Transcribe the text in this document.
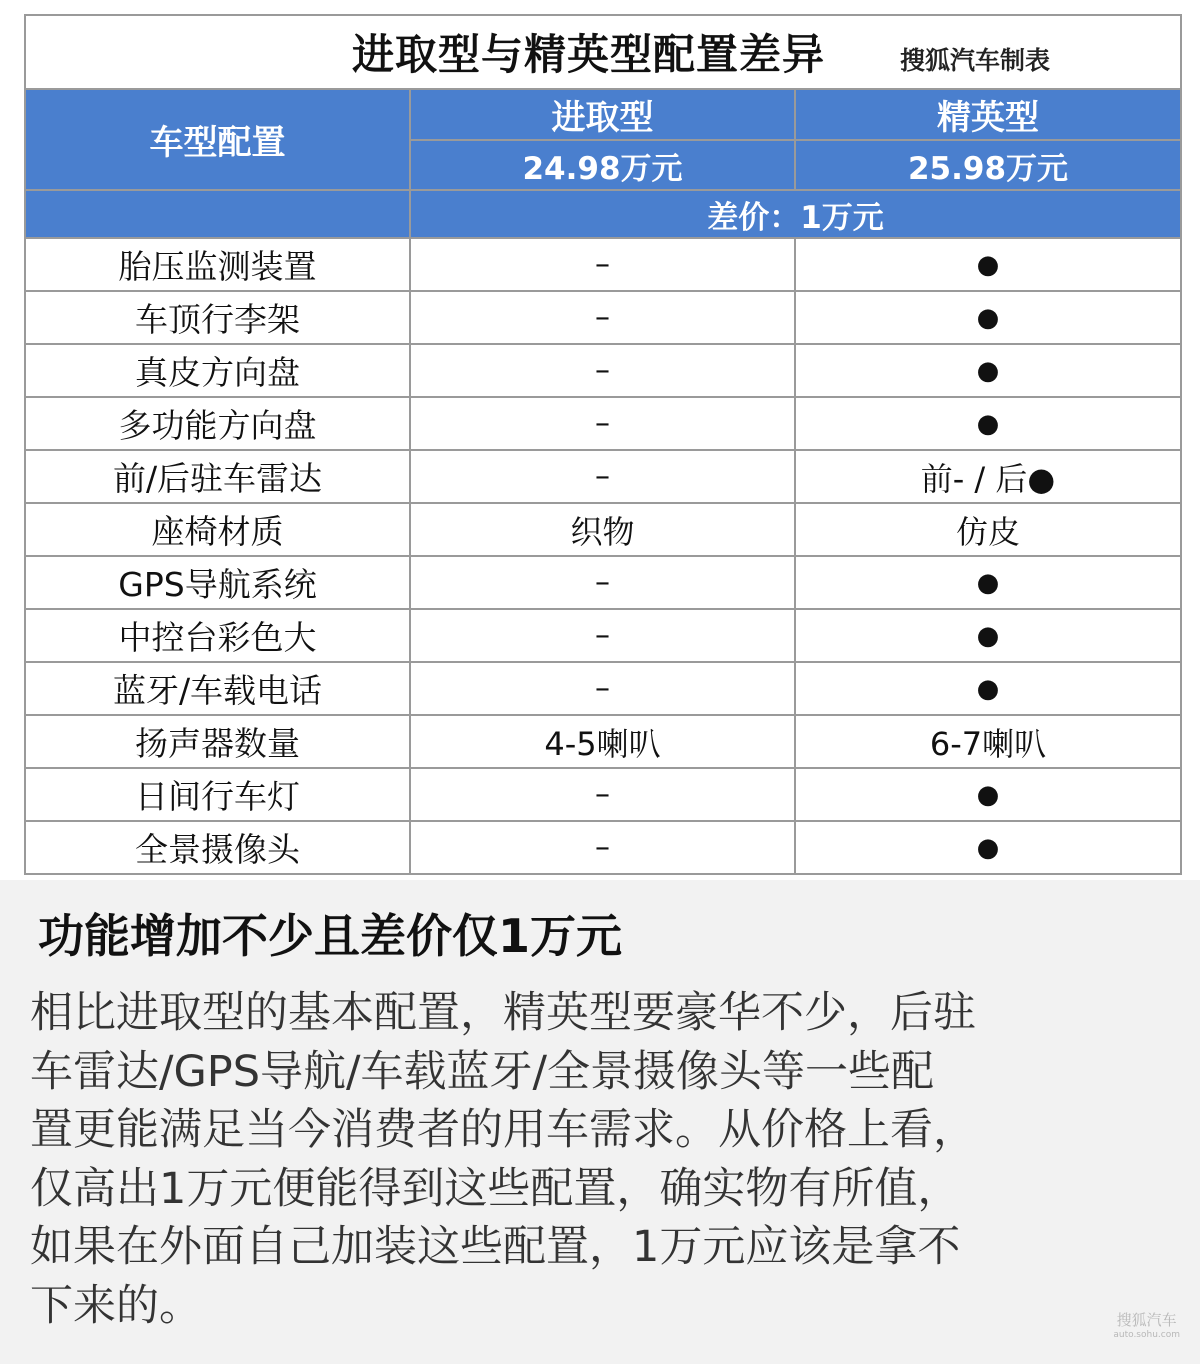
进取型与精英型配置差异 搜狐汽车制表		
车型配置	进取型	精英型
	24.98万元	25.98万元
	差价：1万元	
胎压监测装置	–	●
车顶行李架	–	●
真皮方向盘	–	●
多功能方向盘	–	●
前/后驻车雷达	–	前- / 后●
座椅材质	织物	仿皮
GPS导航系统	–	●
中控台彩色大	–	●
蓝牙/车载电话	–	●
扬声器数量	4-5喇叭	6-7喇叭
日间行车灯	–	●
全景摄像头	–	●
功能增加不少且差价仅1万元
相比进取型的基本配置，精英型要豪华不少，后驻
车雷达/GPS导航/车载蓝牙/全景摄像头等一些配
置更能满足当今消费者的用车需求。从价格上看，
仅高出1万元便能得到这些配置，确实物有所值，
如果在外面自己加装这些配置，1万元应该是拿不
下来的。	搜狐汽车
auto.sohu.com
